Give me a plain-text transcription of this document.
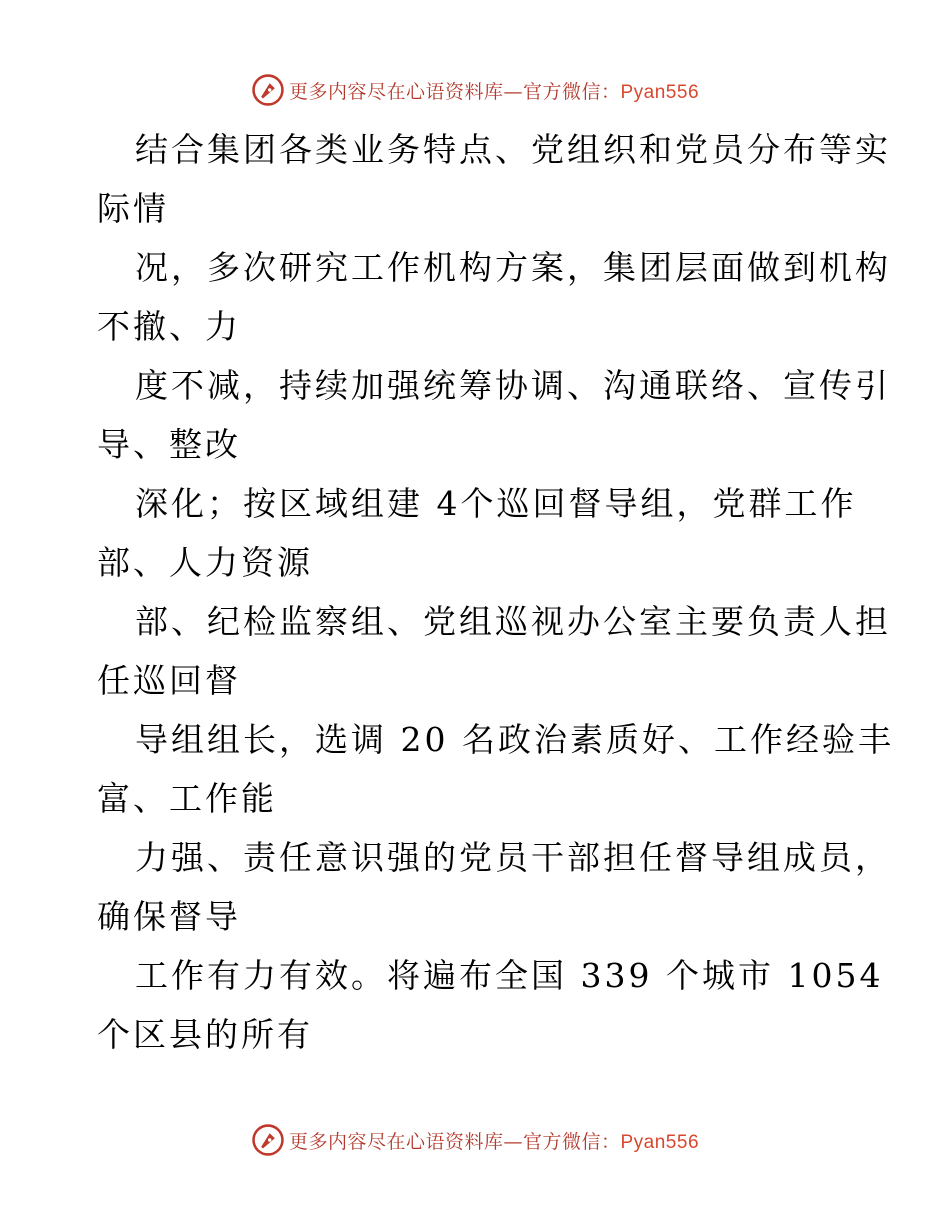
更多内容尽在心语资料库—官方微信：Pyan556
结合集团各类业务特点、党组织和党员分布等实
际情
况，多次研究工作机构方案，集团层面做到机构
不撤、力
度不减，持续加强统筹协调、沟通联络、宣传引
导、整改
深化；按区域组建 4个巡回督导组，党群工作
部、人力资源
部、纪检监察组、党组巡视办公室主要负责人担
任巡回督
导组组长，选调 20 名政治素质好、工作经验丰
富、工作能
力强、责任意识强的党员干部担任督导组成员，
确保督导
工作有力有效。将遍布全国 339 个城市 1054
个区县的所有
更多内容尽在心语资料库—官方微信：Pyan556
